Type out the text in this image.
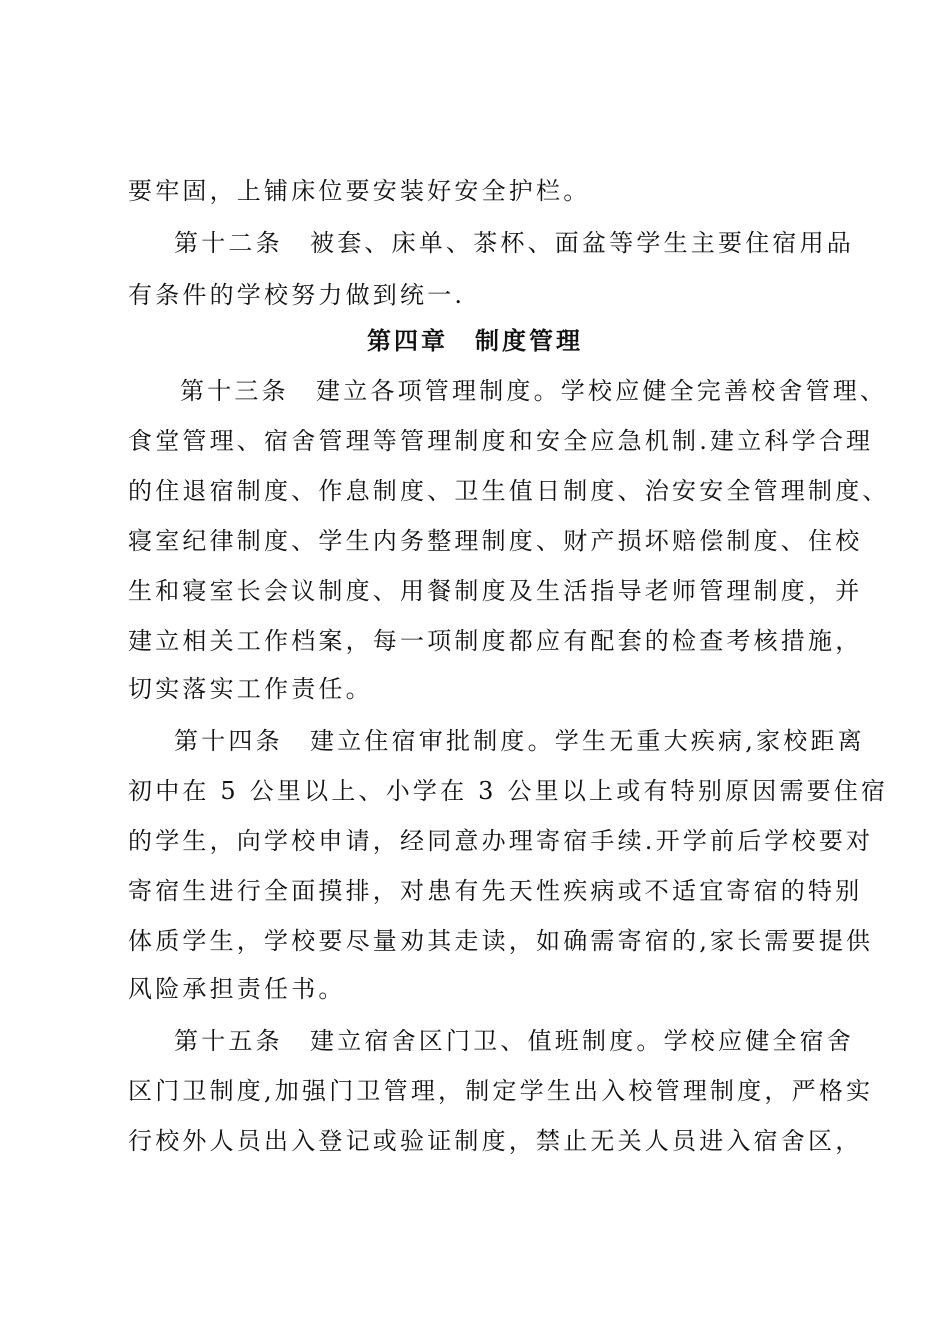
要牢固，上铺床位要安装好安全护栏。
第十二条　被套、床单、茶杯、面盆等学生主要住宿用品
有条件的学校努力做到统一.
第四章　制度管理
第十三条　建立各项管理制度。学校应健全完善校舍管理、
食堂管理、宿舍管理等管理制度和安全应急机制.建立科学合理
的住退宿制度、作息制度、卫生值日制度、治安安全管理制度、
寝室纪律制度、学生内务整理制度、财产损坏赔偿制度、住校
生和寝室长会议制度、用餐制度及生活指导老师管理制度，并
建立相关工作档案，每一项制度都应有配套的检查考核措施，
切实落实工作责任。
第十四条　建立住宿审批制度。学生无重大疾病,家校距离
初中在 5 公里以上、小学在 3 公里以上或有特别原因需要住宿
的学生，向学校申请，经同意办理寄宿手续.开学前后学校要对
寄宿生进行全面摸排，对患有先天性疾病或不适宜寄宿的特别
体质学生，学校要尽量劝其走读，如确需寄宿的,家长需要提供
风险承担责任书。
第十五条　建立宿舍区门卫、值班制度。学校应健全宿舍
区门卫制度,加强门卫管理，制定学生出入校管理制度，严格实
行校外人员出入登记或验证制度，禁止无关人员进入宿舍区，
